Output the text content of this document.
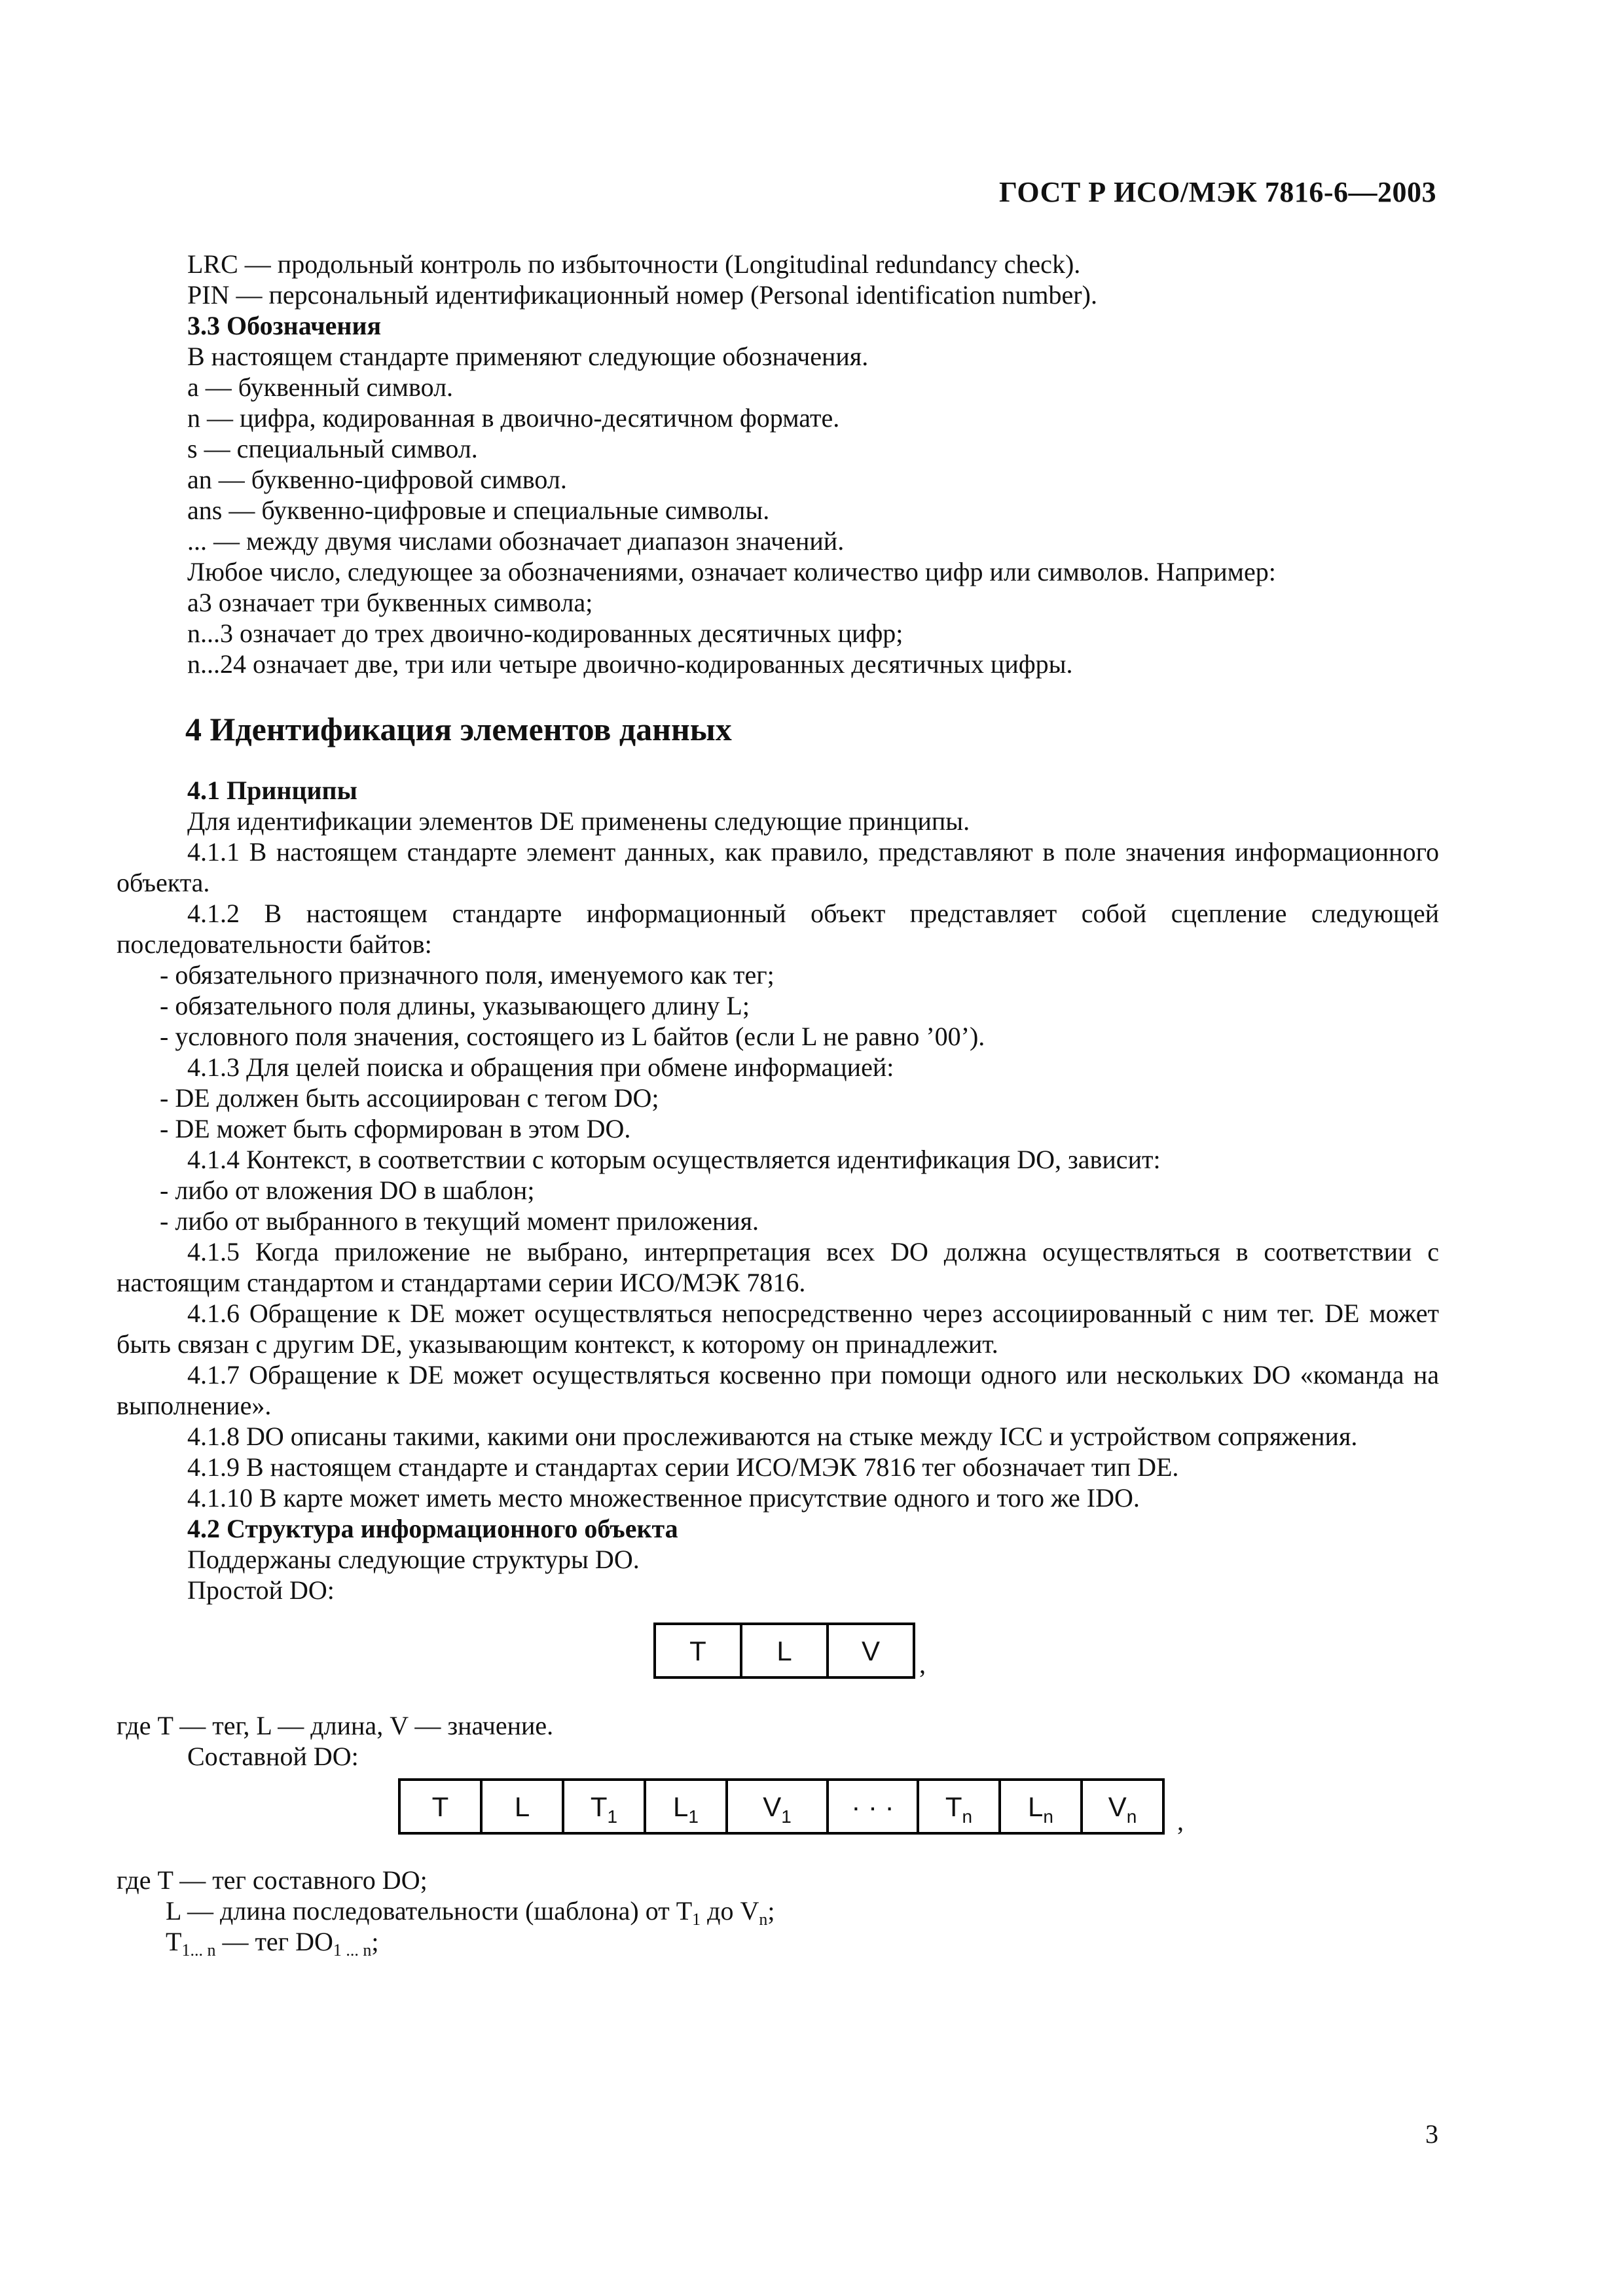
ГОСТ Р ИСО/МЭК 7816-6—2003

LRC — продольный контроль по избыточности (Longitudinal redundancy check).

PIN — персональный идентификационный номер (Personal identification number).

3.3 Обозначения

В настоящем стандарте применяют следующие обозначения.

a — буквенный символ.

n — цифра, кодированная в двоично-десятичном формате.

s — специальный символ.

an — буквенно-цифровой символ.

ans — буквенно-цифровые и специальные символы.

... — между двумя числами обозначает диапазон значений.

Любое число, следующее за обозначениями, означает количество цифр или символов. Например:

a3 означает три буквенных символа;

n...3 означает до трех двоично-кодированных десятичных цифр;

n...24 означает две, три или четыре двоично-кодированных десятичных цифры.

4 Идентификация элементов данных

4.1 Принципы

Для идентификации элементов DE применены следующие принципы.

4.1.1 В настоящем стандарте элемент данных, как правило, представляют в поле значения информационного объекта.

4.1.2 В настоящем стандарте информационный объект представляет собой сцепление следующей последовательности байтов:

- обязательного призначного поля, именуемого как тег;

- обязательного поля длины, указывающего длину L;

- условного поля значения, состоящего из L байтов (если L не равно ’00’).

4.1.3 Для целей поиска и обращения при обмене информацией:

- DE должен быть ассоциирован с тегом DO;

- DE может быть сформирован в этом DO.

4.1.4 Контекст, в соответствии с которым осуществляется идентификация DO, зависит:

- либо от вложения DO в шаблон;

- либо от выбранного в текущий момент приложения.

4.1.5 Когда приложение не выбрано, интерпретация всех DO должна осуществляться в соответствии с настоящим стандартом и стандартами серии ИСО/МЭК 7816.

4.1.6 Обращение к DE может осуществляться непосредственно через ассоциированный с ним тег. DE может быть связан с другим DE, указывающим контекст, к которому он принадлежит.

4.1.7 Обращение к DE может осуществляться косвенно при помощи одного или нескольких DO «команда на выполнение».

4.1.8 DO описаны такими, какими они прослеживаются на стыке между ICC и устройством сопряжения.

4.1.9 В настоящем стандарте и стандартах серии ИСО/МЭК 7816 тег обозначает тип DE.

4.1.10 В карте может иметь место множественное присутствие одного и того же IDO.

4.2 Структура информационного объекта

Поддержаны следующие структуры DO.

Простой DO:

T	L	V ,

где T — тег, L — длина, V — значение.

Составной DO:

T	L	$T_1$	$L_1$	$V_1$	· · ·	$T_n$	$L_n$	$V_n$ ,

где T — тег составного DO;

L — длина последовательности (шаблона) от $T_1$ до $V_n$;

$T_{1... n}$ — тег $DO_{1 ... n}$;

3
